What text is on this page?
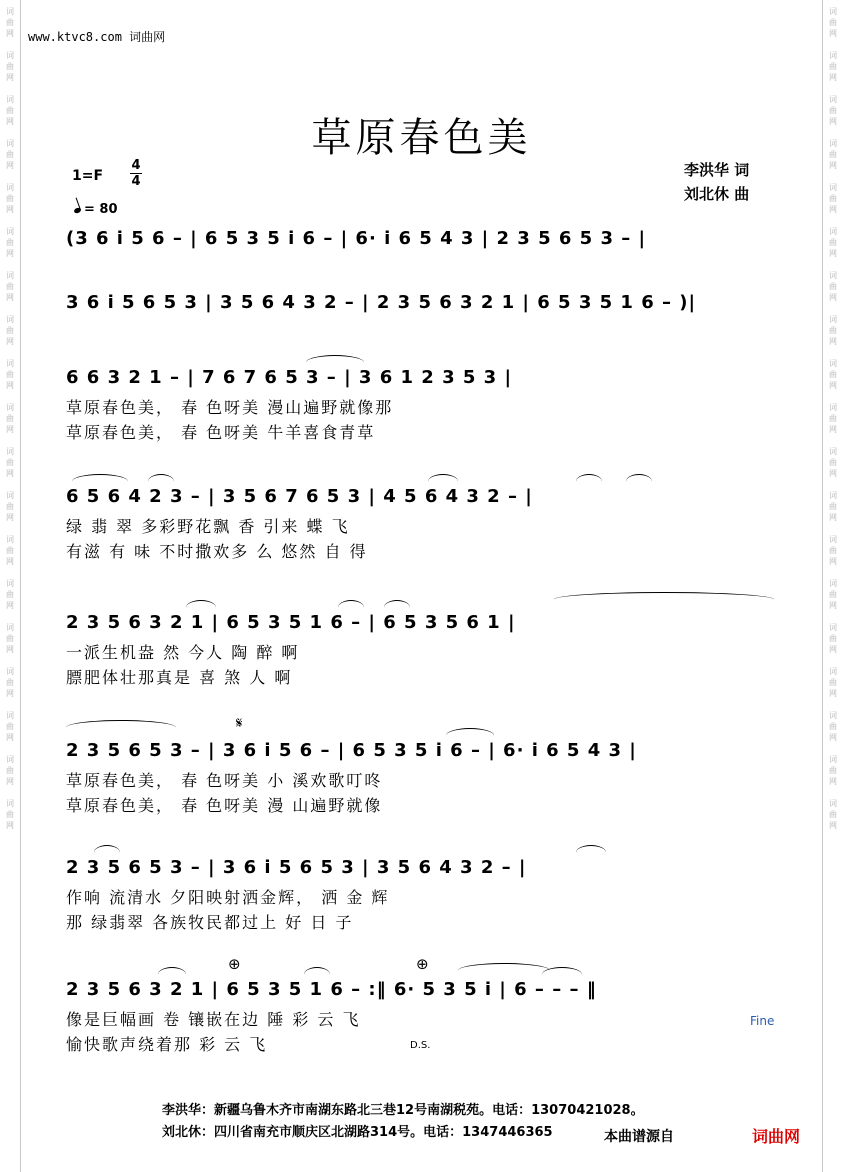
词
曲
网

词
曲
网

词
曲
网

词
曲
网

词
曲
网

词
曲
网

词
曲
网

词
曲
网

词
曲
网

词
曲
网

词
曲
网

词
曲
网

词
曲
网

词
曲
网

词
曲
网

词
曲
网

词
曲
网

词
曲
网

词
曲
网

词
曲
网

词
曲
网

词
曲
网

词
曲
网

词
曲
网

词
曲
网

词
曲
网

词
曲
网

词
曲
网

词
曲
网

词
曲
网

词
曲
网

词
曲
网

词
曲
网

词
曲
网

词
曲
网

词
曲
网

词
曲
网

词
曲
网

www.ktvc8.com 词曲网
草原春色美
1=F
4
4
= 80
李洪华 词
刘北休 曲
(3 6 i 5 6 – | 6 5 3 5 i 6 – | 6· i 6 5 4 3 | 2 3 5 6 5 3 – |
3 6 i 5 6 5 3 | 3 5 6 4 3 2 – | 2 3 5 6 3 2 1 | 6 5 3 5 1 6 – )|
6 6 3 2 1 – | 7 6 7 6 5 3 – | 3 6 1 2 3 5 3 |
草原春色美， 春 色呀美 漫山遍野就像那
草原春色美， 春 色呀美 牛羊喜食青草
6 5 6 4 2 3 – | 3 5 6 7 6 5 3 | 4 5 6 4 3 2 – |
绿 翡 翠 多彩野花飘 香 引来 蝶 飞
有滋 有 味 不时撒欢多 么 悠然 自 得
2 3 5 6 3 2 1 | 6 5 3 5 1 6 – | 6 5 3 5 6 1 |
一派生机盎 然 今人 陶 醉 啊
膘肥体壮那真是 喜 煞 人 啊
𝄋
2 3 5 6 5 3 – | 3 6 i 5 6 – | 6 5 3 5 i 6 – | 6· i 6 5 4 3 |
草原春色美， 春 色呀美 小 溪欢歌叮咚
草原春色美， 春 色呀美 漫 山遍野就像
2 3 5 6 5 3 – | 3 6 i 5 6 5 3 | 3 5 6 4 3 2 – |
作响 流清水 夕阳映射洒金辉， 洒 金 辉
那 绿翡翠 各族牧民都过上 好 日 子
⊕	⊕
2 3 5 6 3 2 1 | 6 5 3 5 1 6 – :‖ 6· 5 3 5 i | 6 – – – ‖
像是巨幅画 卷 镶嵌在边 陲 彩 云 飞
愉快歌声绕着那 彩 云 飞
Fine
D.S.
李洪华：新疆乌鲁木齐市南湖东路北三巷12号南湖税苑。电话：13070421028。
刘北休：四川省南充市顺庆区北湖路314号。电话：1347446365	本曲谱源自	词曲网
